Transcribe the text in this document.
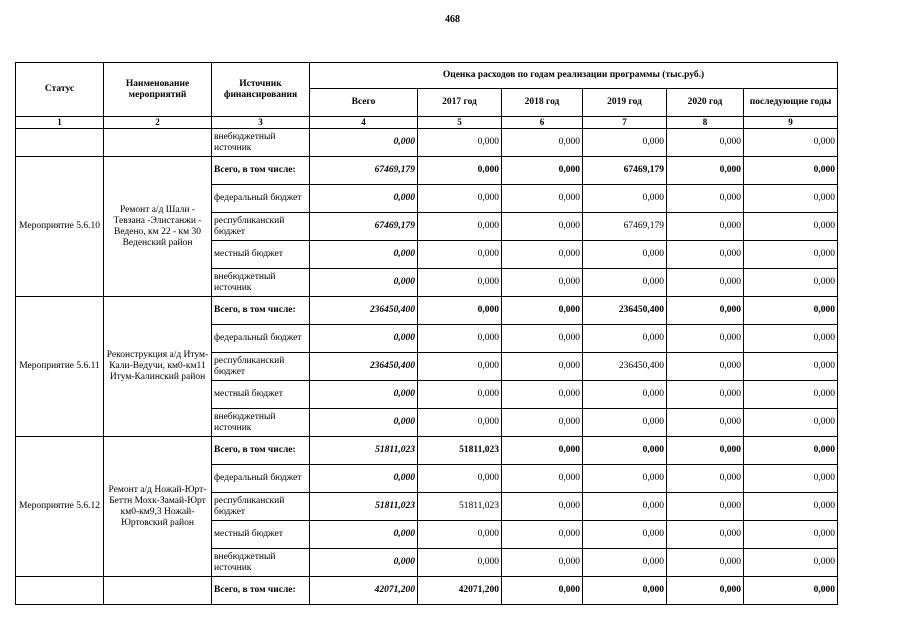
468
Статус	Наименование мероприятий	Источник финансирования	Оценка расходов по годам реализации программы (тыс.руб.)					
			Всего	2017 год	2018 год	2019 год	2020 год	последующие годы
1	2	3	4	5	6	7	8	9
		внебюджетный источник	0,000	0,000	0,000	0,000	0,000	0,000
Мероприятие 5.6.10	Ремонт а/д Шали - Тевзана -Элистанжи - Ведено, км 22 - км 30 Веденский район	Всего, в том числе:	67469,179	0,000	0,000	67469,179	0,000	0,000
		федеральный бюджет	0,000	0,000	0,000	0,000	0,000	0,000
		республиканский бюджет	67469,179	0,000	0,000	67469,179	0,000	0,000
		местный бюджет	0,000	0,000	0,000	0,000	0,000	0,000
		внебюджетный источник	0,000	0,000	0,000	0,000	0,000	0,000
Мероприятие 5.6.11	Реконструкция а/д Итум-Кали-Ведучи, км0-км11 Итум-Калинский район	Всего, в том числе:	236450,400	0,000	0,000	236450,400	0,000	0,000
		федеральный бюджет	0,000	0,000	0,000	0,000	0,000	0,000
		республиканский бюджет	236450,400	0,000	0,000	236450,400	0,000	0,000
		местный бюджет	0,000	0,000	0,000	0,000	0,000	0,000
		внебюджетный источник	0,000	0,000	0,000	0,000	0,000	0,000
Мероприятие 5.6.12	Ремонт а/д Ножай-Юрт-Беттн Мохк-Замай-Юрт км0-км9,3 Ножай-Юртовский район	Всего, в том числе:	51811,023	51811,023	0,000	0,000	0,000	0,000
		федеральный бюджет	0,000	0,000	0,000	0,000	0,000	0,000
		республиканский бюджет	51811,023	51811,023	0,000	0,000	0,000	0,000
		местный бюджет	0,000	0,000	0,000	0,000	0,000	0,000
		внебюджетный источник	0,000	0,000	0,000	0,000	0,000	0,000
		Всего, в том числе:	42071,200	42071,200	0,000	0,000	0,000	0,000
